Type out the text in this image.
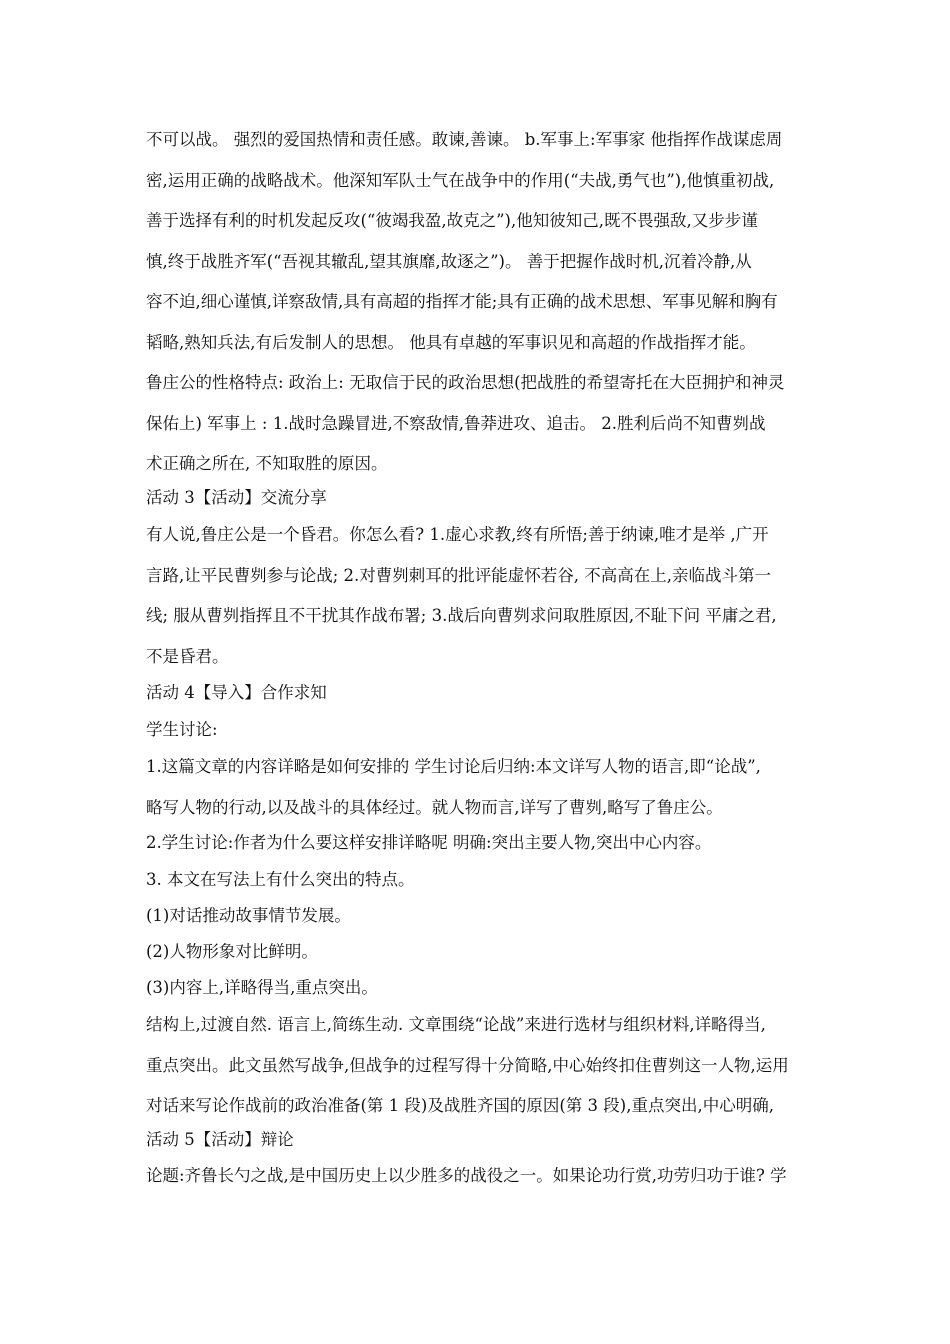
不可以战。 强烈的爱国热情和责任感。敢谏,善谏。 b.军事上:军事家 他指挥作战谋虑周
密,运用正确的战略战术。他深知军队士气在战争中的作用(“夫战,勇气也”),他慎重初战,
善于选择有利的时机发起反攻(“彼竭我盈,故克之”),他知彼知己,既不畏强敌,又步步谨
慎,终于战胜齐军(“吾视其辙乱,望其旗靡,故逐之”)。 善于把握作战时机,沉着冷静,从
容不迫,细心谨慎,详察敌情,具有高超的指挥才能;具有正确的战术思想、军事见解和胸有
韬略,熟知兵法,有后发制人的思想。 他具有卓越的军事识见和高超的作战指挥才能。
鲁庄公的性格特点: 政治上: 无取信于民的政治思想(把战胜的希望寄托在大臣拥护和神灵
保佑上) 军事上 : 1.战时急躁冒进,不察敌情,鲁莽进攻、追击。 2.胜利后尚不知曹刿战
术正确之所在, 不知取胜的原因。
活动 3【活动】交流分享
有人说,鲁庄公是一个昏君。你怎么看? 1.虚心求教,终有所悟;善于纳谏,唯才是举 ,广开
言路,让平民曹刿参与论战; 2.对曹刿刺耳的批评能虚怀若谷, 不高高在上,亲临战斗第一
线; 服从曹刿指挥且不干扰其作战布署; 3.战后向曹刿求问取胜原因,不耻下问 平庸之君,
不是昏君。
活动 4【导入】合作求知
学生讨论:
1.这篇文章的内容详略是如何安排的 学生讨论后归纳:本文详写人物的语言,即“论战”,
略写人物的行动,以及战斗的具体经过。就人物而言,详写了曹刿,略写了鲁庄公。
2.学生讨论:作者为什么要这样安排详略呢 明确:突出主要人物,突出中心内容。
3. 本文在写法上有什么突出的特点。
(1)对话推动故事情节发展。
(2)人物形象对比鲜明。
(3)内容上,详略得当,重点突出。
结构上,过渡自然. 语言上,简练生动. 文章围绕“论战”来进行选材与组织材料,详略得当,
重点突出。此文虽然写战争,但战争的过程写得十分简略,中心始终扣住曹刿这一人物,运用
对话来写论作战前的政治准备(第 1 段)及战胜齐国的原因(第 3 段),重点突出,中心明确,
活动 5【活动】辩论
论题:齐鲁长勺之战,是中国历史上以少胜多的战役之一。如果论功行赏,功劳归功于谁? 学
